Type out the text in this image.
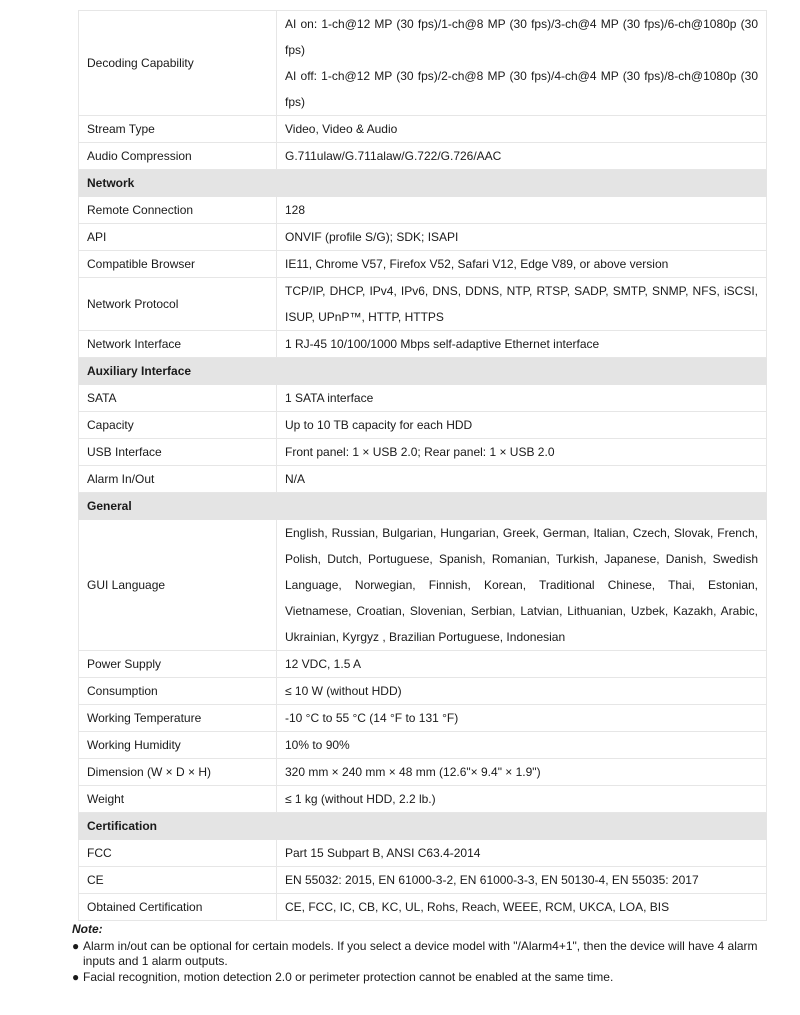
Decoding Capability	AI on: 1-ch@12 MP (30 fps)/1-ch@8 MP (30 fps)/3-ch@4 MP (30 fps)/6-ch@1080p (30 fps)
AI off: 1-ch@12 MP (30 fps)/2-ch@8 MP (30 fps)/4-ch@4 MP (30 fps)/8-ch@1080p (30 fps)

Stream Type	Video, Video & Audio

Audio Compression	G.711ulaw/G.711alaw/G.722/G.726/AAC

Network	
Remote Connection	128

API	ONVIF (profile S/G); SDK; ISAPI

Compatible Browser	IE11, Chrome V57, Firefox V52, Safari V12, Edge V89, or above version

Network Protocol	TCP/IP, DHCP, IPv4, IPv6, DNS, DDNS, NTP, RTSP, SADP, SMTP, SNMP, NFS, iSCSI, ISUP, UPnP™, HTTP, HTTPS

Network Interface	1 RJ-45 10/100/1000 Mbps self-adaptive Ethernet interface

Auxiliary Interface	
SATA	1 SATA interface

Capacity	Up to 10 TB capacity for each HDD

USB Interface	Front panel: 1 × USB 2.0; Rear panel: 1 × USB 2.0

Alarm In/Out	N/A

General	
GUI Language	English, Russian, Bulgarian, Hungarian, Greek, German, Italian, Czech, Slovak, French, Polish, Dutch, Portuguese, Spanish, Romanian, Turkish, Japanese, Danish, Swedish Language, Norwegian, Finnish, Korean, Traditional Chinese, Thai, Estonian, Vietnamese, Croatian, Slovenian, Serbian, Latvian, Lithuanian, Uzbek, Kazakh, Arabic, Ukrainian, Kyrgyz , Brazilian Portuguese, Indonesian

Power Supply	12 VDC, 1.5 A

Consumption	≤ 10 W (without HDD)

Working Temperature	-10 °C to 55 °C (14 °F to 131 °F)

Working Humidity	10% to 90%

Dimension (W × D × H)	320 mm × 240 mm × 48 mm (12.6"× 9.4" × 1.9")

Weight	≤ 1 kg (without HDD, 2.2 lb.)

Certification	
FCC	Part 15 Subpart B, ANSI C63.4-2014

CE	EN 55032: 2015, EN 61000-3-2, EN 61000-3-3, EN 50130-4, EN 55035: 2017

Obtained Certification	CE, FCC, IC, CB, KC, UL, Rohs, Reach, WEEE, RCM, UKCA, LOA, BIS
Note:
● Alarm in/out can be optional for certain models. If you select a device model with "/Alarm4+1", then the device will have 4 alarm inputs and 1 alarm outputs.
● Facial recognition, motion detection 2.0 or perimeter protection cannot be enabled at the same time.
